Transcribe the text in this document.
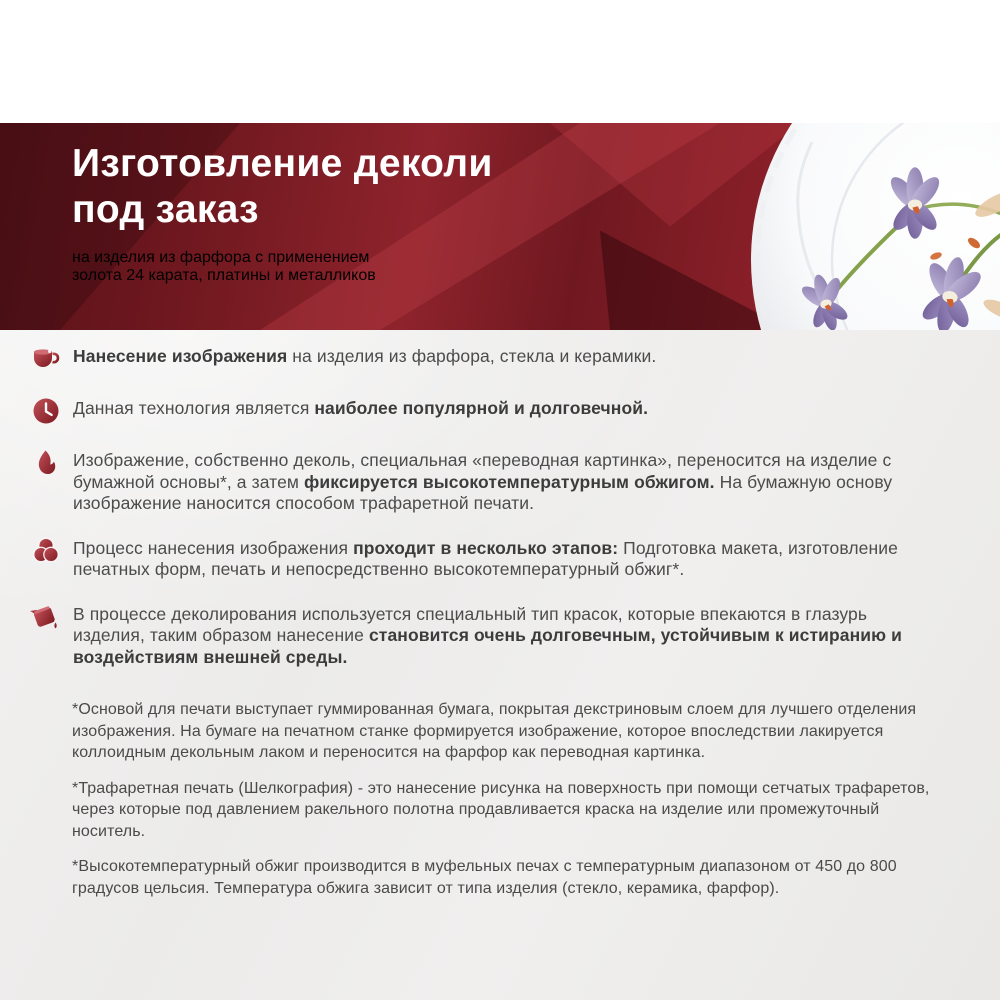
Изготовление деколи
под заказ

на изделия из фарфора с применением
золота 24 карата, платины и металликов

Нанесение изображения на изделия из фарфора, стекла и керамики.

Данная технология является наиболее популярной и долговечной.

Изображение, собственно деколь, специальная «переводная картинка», переносится на изделие с бумажной основы*, а затем фиксируется высокотемпературным обжигом. На бумажную основу изображение наносится способом трафаретной печати.

Процесс нанесения изображения проходит в несколько этапов: Подготовка макета, изготовление печатных форм, печать и непосредственно высокотемпературный обжиг*.

В процессе деколирования используется специальный тип красок, которые впекаются в глазурь изделия, таким образом нанесение становится очень долговечным, устойчивым к истиранию и воздействиям внешней среды.

*Основой для печати выступает гуммированная бумага, покрытая декстриновым слоем для лучшего отделения изображения. На бумаге на печатном станке формируется изображение, которое впоследствии лакируется коллоидным декольным лаком и переносится на фарфор как переводная картинка.

*Трафаретная печать (Шелкография) - это нанесение рисунка на поверхность при помощи сетчатых трафаретов, через которые под давлением ракельного полотна продавливается краска на изделие или промежуточный носитель.

*Высокотемпературный обжиг производится в муфельных печах с температурным диапазоном от 450 до 800 градусов цельсия. Температура обжига зависит от типа изделия (стекло, керамика, фарфор).
